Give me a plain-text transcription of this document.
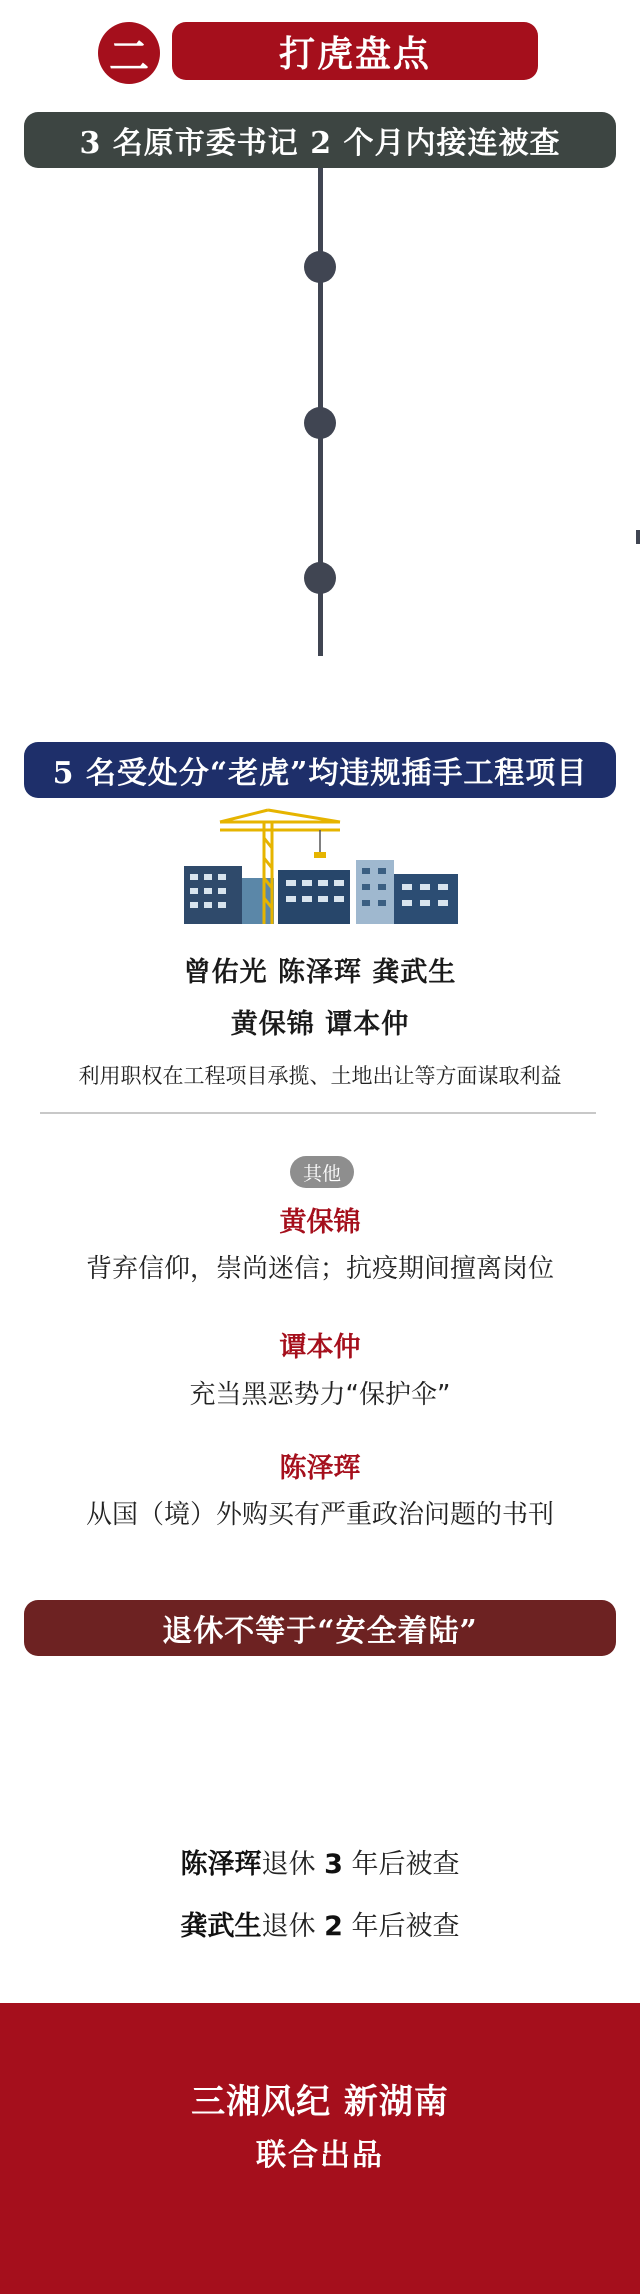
二	打虎盘点
3 名原市委书记 2 个月内接连被查
5 名受处分“老虎”均违规插手工程项目
曾佑光 陈泽珲 龚武生
黄保锦 谭本仲
利用职权在工程项目承揽、土地出让等方面谋取利益
其他
黄保锦
背弃信仰，崇尚迷信；抗疫期间擅离岗位
谭本仲
充当黑恶势力“保护伞”
陈泽珲
从国（境）外购买有严重政治问题的书刊
退休不等于“安全着陆”
陈泽珲退休 3 年后被查
龚武生退休 2 年后被查
三湘风纪 新湖南
联合出品
